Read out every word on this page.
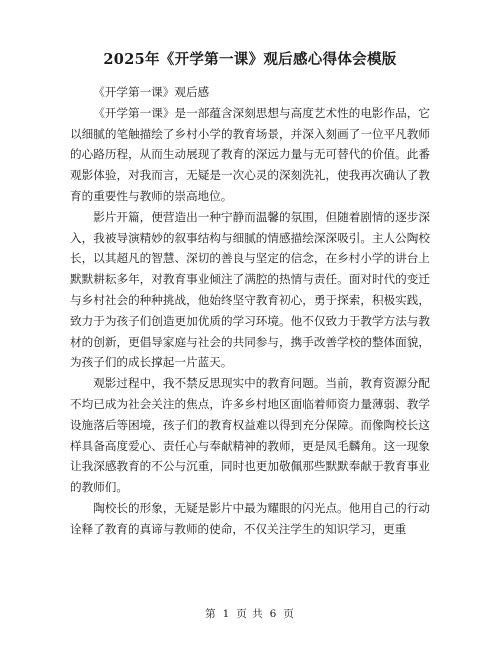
2025年《开学第一课》观后感心得体会模版

《开学第一课》观后感

《开学第一课》是一部蕴含深刻思想与高度艺术性的电影作品，它以细腻的笔触描绘了乡村小学的教育场景，并深入刻画了一位平凡教师的心路历程，从而生动展现了教育的深远力量与无可替代的价值。此番观影体验，对我而言，无疑是一次心灵的深刻洗礼，使我再次确认了教育的重要性与教师的崇高地位。

影片开篇，便营造出一种宁静而温馨的氛围，但随着剧情的逐步深入，我被导演精妙的叙事结构与细腻的情感描绘深深吸引。主人公陶校长，以其超凡的智慧、深切的善良与坚定的信念，在乡村小学的讲台上默默耕耘多年，对教育事业倾注了满腔的热情与责任。面对时代的变迁与乡村社会的种种挑战，他始终坚守教育初心，勇于探索，积极实践，致力于为孩子们创造更加优质的学习环境。他不仅致力于教学方法与教材的创新，更倡导家庭与社会的共同参与，携手改善学校的整体面貌，为孩子们的成长撑起一片蓝天。

观影过程中，我不禁反思现实中的教育问题。当前，教育资源分配不均已成为社会关注的焦点，许多乡村地区面临着师资力量薄弱、教学设施落后等困境，孩子们的教育权益难以得到充分保障。而像陶校长这样具备高度爱心、责任心与奉献精神的教师，更是凤毛麟角。这一现象让我深感教育的不公与沉重，同时也更加敬佩那些默默奉献于教育事业的教师们。

陶校长的形象，无疑是影片中最为耀眼的闪光点。他用自己的行动诠释了教育的真谛与教师的使命，不仅关注学生的知识学习，更重

第 1 页 共 6 页
